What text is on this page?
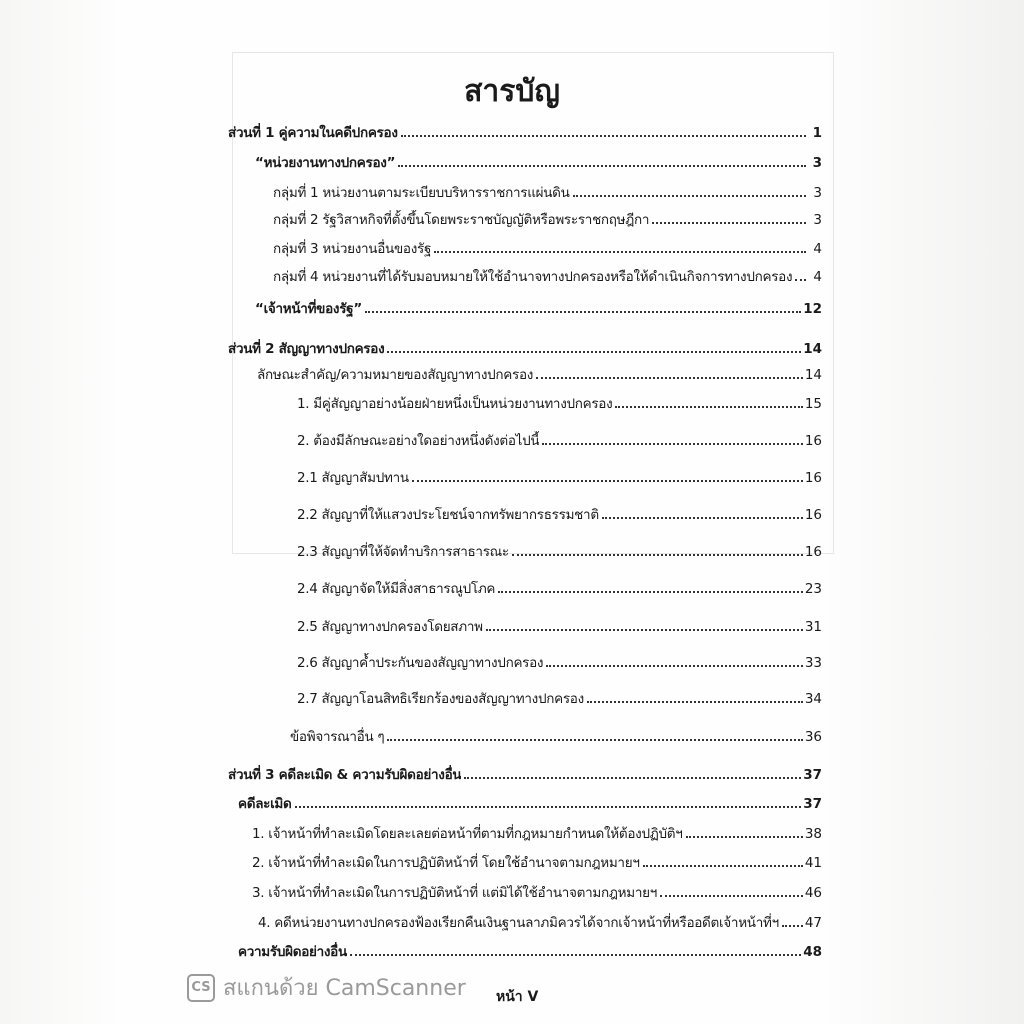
สารบัญ
ส่วนที่ 1 คู่ความในคดีปกครอง	1
“หน่วยงานทางปกครอง”	3
กลุ่มที่ 1 หน่วยงานตามระเบียบบริหารราชการแผ่นดิน	3
กลุ่มที่ 2 รัฐวิสาหกิจที่ตั้งขึ้นโดยพระราชบัญญัติหรือพระราชกฤษฎีกา	3
กลุ่มที่ 3 หน่วยงานอื่นของรัฐ	4
กลุ่มที่ 4 หน่วยงานที่ได้รับมอบหมายให้ใช้อำนาจทางปกครองหรือให้ดำเนินกิจการทางปกครอง	4
“เจ้าหน้าที่ของรัฐ”	12
ส่วนที่ 2 สัญญาทางปกครอง	14
ลักษณะสำคัญ/ความหมายของสัญญาทางปกครอง	14
1. มีคู่สัญญาอย่างน้อยฝ่ายหนึ่งเป็นหน่วยงานทางปกครอง	15
2. ต้องมีลักษณะอย่างใดอย่างหนึ่งดังต่อไปนี้	16
2.1 สัญญาสัมปทาน	16
2.2 สัญญาที่ให้แสวงประโยชน์จากทรัพยากรธรรมชาติ	16
2.3 สัญญาที่ให้จัดทำบริการสาธารณะ	16
2.4 สัญญาจัดให้มีสิ่งสาธารณูปโภค	23
2.5 สัญญาทางปกครองโดยสภาพ	31
2.6 สัญญาค้ำประกันของสัญญาทางปกครอง	33
2.7 สัญญาโอนสิทธิเรียกร้องของสัญญาทางปกครอง	34
ข้อพิจารณาอื่น ๆ	36
ส่วนที่ 3 คดีละเมิด & ความรับผิดอย่างอื่น	37
คดีละเมิด	37
1. เจ้าหน้าที่ทำละเมิดโดยละเลยต่อหน้าที่ตามที่กฎหมายกำหนดให้ต้องปฏิบัติฯ	38
2. เจ้าหน้าที่ทำละเมิดในการปฏิบัติหน้าที่ โดยใช้อำนาจตามกฎหมายฯ	41
3. เจ้าหน้าที่ทำละเมิดในการปฏิบัติหน้าที่ แต่มิได้ใช้อำนาจตามกฎหมายฯ	46
4. คดีหน่วยงานทางปกครองฟ้องเรียกคืนเงินฐานลาภมิควรได้จากเจ้าหน้าที่หรืออดีตเจ้าหน้าที่ฯ 47
ความรับผิดอย่างอื่น	48
CS สแกนด้วย CamScanner หน้า V
